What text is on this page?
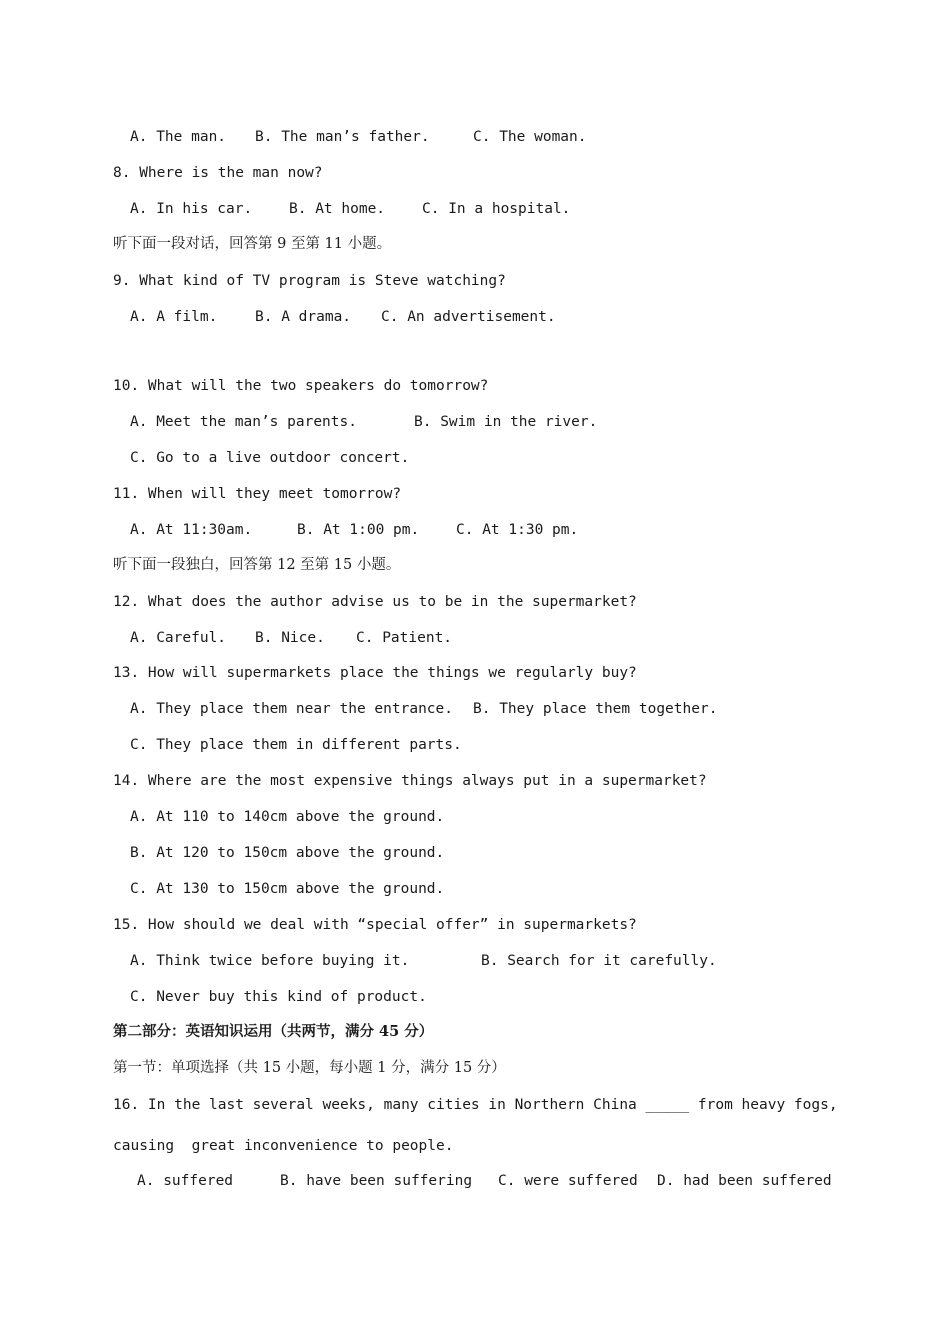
A. The man. B. The man’s father.	C. The woman.
8. Where is the man now?
A. In his car.	B. At home.	C. In a hospital.
听下面一段对话，回答第 9 至第 11 小题。
9. What kind of TV program is Steve watching?
A. A film.	B. A drama. C. An advertisement.
10. What will the two speakers do tomorrow?
A. Meet the man’s parents.	B. Swim in the river.
C. Go to a live outdoor concert.
11. When will they meet tomorrow?
A. At 11:30am.	B. At 1:00 pm.	C. At 1:30 pm.
听下面一段独白，回答第 12 至第 15 小题。
12. What does the author advise us to be in the supermarket?
A. Careful. B. Nice. C. Patient.
13. How will supermarkets place the things we regularly buy?
A. They place them near the entrance. B. They place them together.
C. They place them in different parts.
14. Where are the most expensive things always put in a supermarket?
A. At 110 to 140cm above the ground.
B. At 120 to 150cm above the ground.
C. At 130 to 150cm above the ground.
15. How should we deal with “special offer” in supermarkets?
A. Think twice before buying it.	B. Search for it carefully.
C. Never buy this kind of product.
第二部分：英语知识运用（共两节，满分 45 分）
第一节：单项选择（共 15 小题，每小题 1 分，满分 15 分）
16. In the last several weeks, many cities in Northern China _____ from heavy fogs,
causing  great inconvenience to people.
A. suffered	B. have been suffering C. were suffered D. had been suffered
